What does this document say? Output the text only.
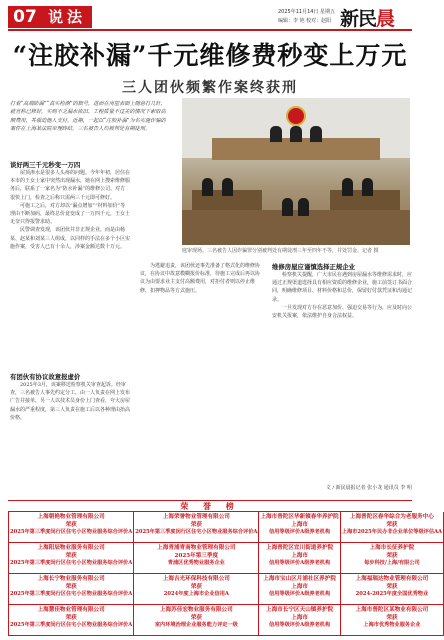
07 说法	2025年11月14日 星期五
编辑：李 艳 校对：赵阳 新民晨
“注胶补漏”千元维修费秒变上万元
三人团伙频繁作案终获刑
打着“高端防漏”“真实检测”的旗号，进而在房屋表面上随意打几针，就宣称已修好，实则不乏漏水依旧、工程质量不过关的情况下索取高额费用，并强迫他人支付。近期，一起以“注胶补漏”为名实施诈骗的案件在上海某法院审理终结，三名被告人均被判处有期徒刑。
庭审现场。三名被告人因诈骗罪分别被判处有期徒刑三年至四年不等，并处罚金。记者 摄
谈好两三千元秒变一万四

屋顶渗水是很多人头疼的问题。今年年初，居住在本市的王女士家中突然出现漏水，她在网上搜索维修服务后，联系了一家名为“防水补漏”的维修公司。对方很快上门，检查之后称只需两三千元即可修好。

可施工之后，对方却以“漏点增加”“材料加价”等理由不断加码，最终总价竟变成了一万四千元，王女士无奈只得报警求助。

民警调查发现，该团伙并非正规企业，而是由杨某、赵某和刘某三人组成，以同样的手法在多个小区实施作案，受害人已有十余人，涉案金额达数十万元。

有团伙有协议故意报虚价

2025年3月，该案移送检察机关审查起诉。经审查，三名被告人事先约定分工，由一人负责在网上发布广告并接单，另一人以技术员身份上门查看，夸大房屋漏水的严重程度，第三人负责在施工后以各种理由抬高价格。

为逃避追责，该团伙还事先准备了格式化的维修协议，在协议中故意模糊报价标准，待施工完成后再以协议为由要求业主支付高额费用，对拒付者则以停止维修、扣押物品等方式施压。

维修房屋应谨慎选择正规企业

检察机关提醒，广大市民在遇到房屋漏水等维修需求时，应通过正规渠道选择具有相应资质的维修企业，施工前签订书面合同，明确维修项目、材料价格和总价，保留好付款凭证和沟通记录。

一旦发现对方存在恶意加价、强迫交易等行为，应及时向公安机关报案，依法维护自身合法权益。

文 / 新民晨报记者 张小龙 通讯员 李 明
荣 誉 榜
上海朝艳物业管理有限公司
荣获
2025年第三季度闵行区住宅小区物业服务综合评价A
上海荣誉物业管理有限公司
荣获
2025年第三季度闵行区住宅小区物业服务综合评价A
上海市普陀区华新镇春华养护院
上海市
信用等级评价A级养老机构
上海普陀区春华综合为老服务中心
荣获
上海市2025年民办非企业单位等级评估AA
上海阳辰物业服务有限公司
荣获
2025年第三季度闵行区住宅小区物业服务综合评价A
上海青浦青南物业管理有限公司
2025年第三季度
青浦区优秀物业服务企业
上海普陀区宜川街道养护院
上海市
信用等级评价A级养老机构
上海市长征养护院
荣获
每步科技/上海/有限公司
上海长宁物业服务有限公司
荣获
2025年第三季度闵行区住宅小区物业服务综合评价A
上海吉光环保科技有限公司
荣获
2024年度上海市企业信用A
上海市宝山区月浦社区养护院
上海市
信用等级评价A级养老机构
上海福瑞达物业管理有限公司
荣获
2024-2025年度全国优秀物业
上海慧佳物业管理有限公司
荣获
2025年第三季度闵行区住宅小区物业服务综合评价A
上海苏佳宏物业服务有限公司
荣获
室内环境治理企业服务能力评定一级
上海市长宁区天山镇养护院
上海市
信用等级评价A级养老机构
上海市普陀区某物业有限公司
荣获
上海市优秀物业服务企业
